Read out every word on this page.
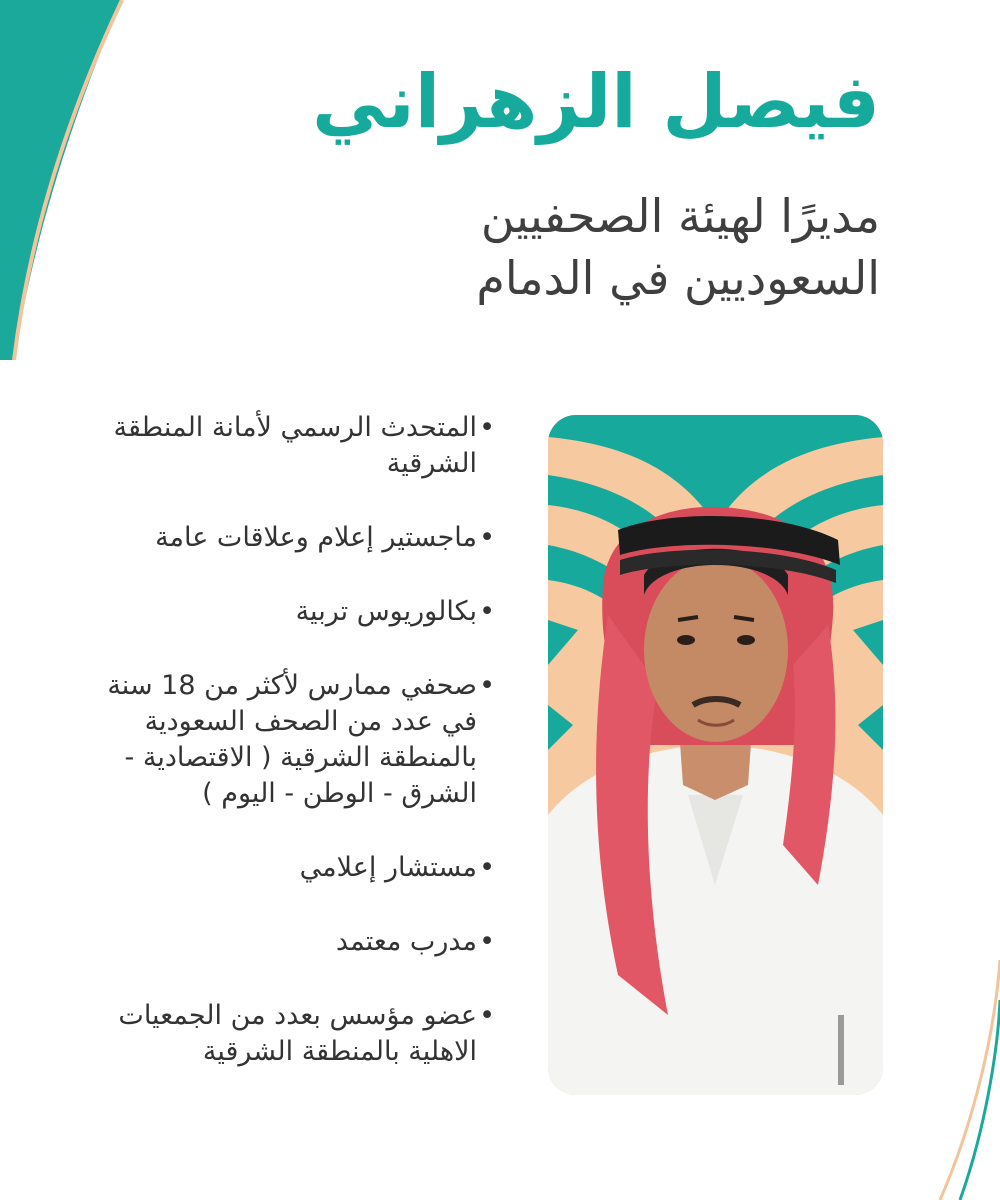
فيصل الزهراني
مديرًا لهيئة الصحفيين
السعوديين في الدمام
• المتحدث الرسمي لأمانة المنطقة الشرقية
• ماجستير إعلام وعلاقات عامة
• بكالوريوس تربية
• صحفي ممارس لأكثر من 18 سنة في عدد من الصحف السعودية بالمنطقة الشرقية ( الاقتصادية - الشرق - الوطن - اليوم )
• مستشار إعلامي
• مدرب معتمد
• عضو مؤسس بعدد من الجمعيات الاهلية بالمنطقة الشرقية
